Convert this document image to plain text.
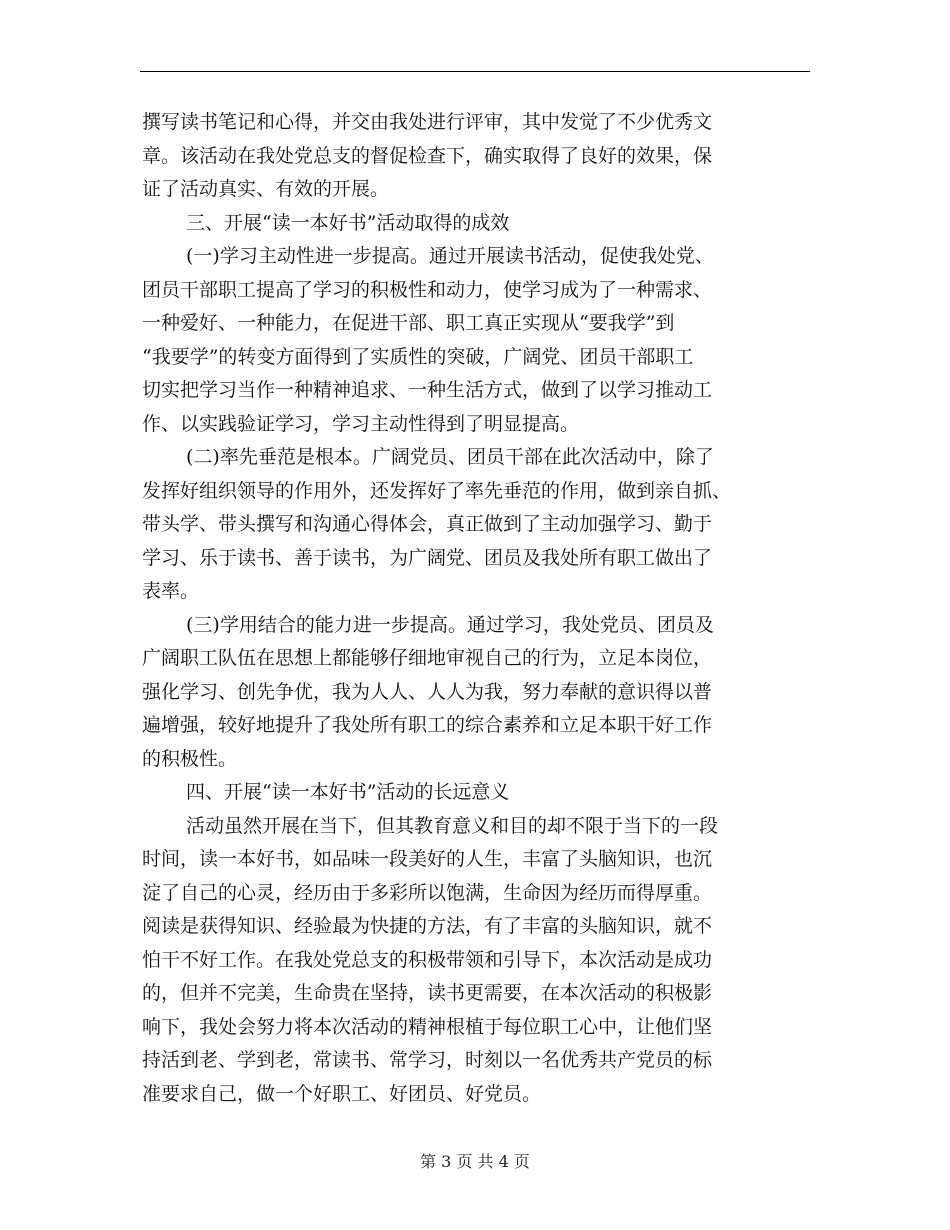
撰写读书笔记和心得，并交由我处进行评审，其中发觉了不少优秀文
章。该活动在我处党总支的督促检查下，确实取得了良好的效果，保
证了活动真实、有效的开展。
三、开展“读一本好书”活动取得的成效
(一)学习主动性进一步提高。通过开展读书活动，促使我处党、
团员干部职工提高了学习的积极性和动力，使学习成为了一种需求、
一种爱好、一种能力，在促进干部、职工真正实现从“要我学”到
“我要学”的转变方面得到了实质性的突破，广阔党、团员干部职工
切实把学习当作一种精神追求、一种生活方式，做到了以学习推动工
作、以实践验证学习，学习主动性得到了明显提高。
(二)率先垂范是根本。广阔党员、团员干部在此次活动中，除了
发挥好组织领导的作用外，还发挥好了率先垂范的作用，做到亲自抓、
带头学、带头撰写和沟通心得体会，真正做到了主动加强学习、勤于
学习、乐于读书、善于读书，为广阔党、团员及我处所有职工做出了
表率。
(三)学用结合的能力进一步提高。通过学习，我处党员、团员及
广阔职工队伍在思想上都能够仔细地审视自己的行为，立足本岗位，
强化学习、创先争优，我为人人、人人为我，努力奉献的意识得以普
遍增强，较好地提升了我处所有职工的综合素养和立足本职干好工作
的积极性。
四、开展“读一本好书”活动的长远意义
活动虽然开展在当下，但其教育意义和目的却不限于当下的一段
时间，读一本好书，如品味一段美好的人生，丰富了头脑知识，也沉
淀了自己的心灵，经历由于多彩所以饱满，生命因为经历而得厚重。
阅读是获得知识、经验最为快捷的方法，有了丰富的头脑知识，就不
怕干不好工作。在我处党总支的积极带领和引导下，本次活动是成功
的，但并不完美，生命贵在坚持，读书更需要，在本次活动的积极影
响下，我处会努力将本次活动的精神根植于每位职工心中，让他们坚
持活到老、学到老，常读书、常学习，时刻以一名优秀共产党员的标
准要求自己，做一个好职工、好团员、好党员。
第 3 页 共 4 页
